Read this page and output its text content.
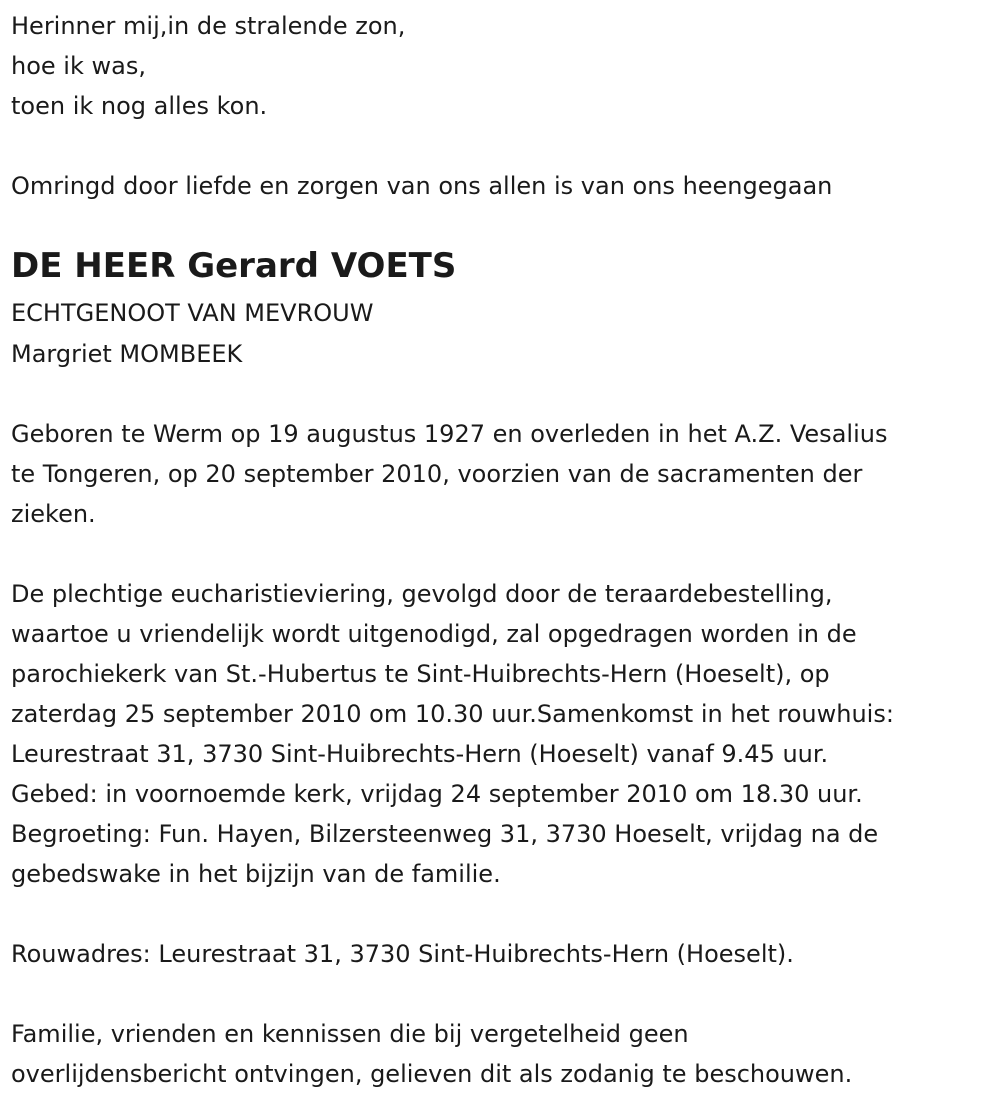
Herinner mij,in de stralende zon,
hoe ik was,
toen ik nog alles kon.
Omringd door liefde en zorgen van ons allen is van ons heengegaan
DE HEER Gerard VOETS
ECHTGENOOT VAN MEVROUW
Margriet MOMBEEK
Geboren te Werm op 19 augustus 1927 en overleden in het A.Z. Vesalius
te Tongeren, op 20 september 2010, voorzien van de sacramenten der
zieken.
De plechtige eucharistieviering, gevolgd door de teraardebestelling,
waartoe u vriendelijk wordt uitgenodigd, zal opgedragen worden in de
parochiekerk van St.-Hubertus te Sint-Huibrechts-Hern (Hoeselt), op
zaterdag 25 september 2010 om 10.30 uur.Samenkomst in het rouwhuis:
Leurestraat 31, 3730 Sint-Huibrechts-Hern (Hoeselt) vanaf 9.45 uur.
Gebed: in voornoemde kerk, vrijdag 24 september 2010 om 18.30 uur.
Begroeting: Fun. Hayen, Bilzersteenweg 31, 3730 Hoeselt, vrijdag na de
gebedswake in het bijzijn van de familie.
Rouwadres: Leurestraat 31, 3730 Sint-Huibrechts-Hern (Hoeselt).
Familie, vrienden en kennissen die bij vergetelheid geen
overlijdensbericht ontvingen, gelieven dit als zodanig te beschouwen.
